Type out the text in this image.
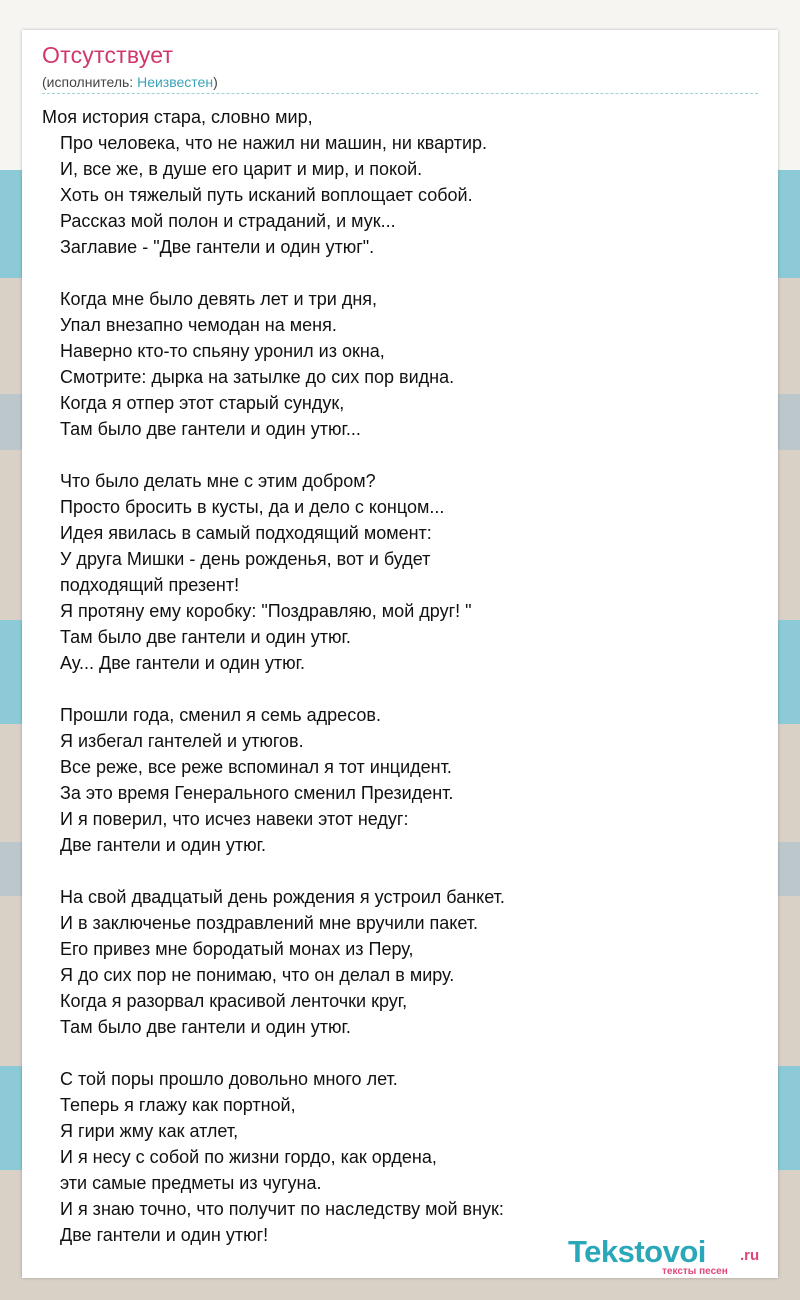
Отсутствует
(исполнитель: Неизвестен)
Моя история стара, словно мир,
Про человека, что не нажил ни машин, ни квартир.
И, все же, в душе его царит и мир, и покой.
Хоть он тяжелый путь исканий воплощает собой.
Рассказ мой полон и страданий, и мук...
Заглавие - "Две гантели и один утюг".
Когда мне было девять лет и три дня,
Упал внезапно чемодан на меня.
Наверно кто-то спьяну уронил из окна,
Смотрите: дырка на затылке до сих пор видна.
Когда я отпер этот старый сундук,
Там было две гантели и один утюг...
Что было делать мне с этим добром?
Просто бросить в кусты, да и дело с концом...
Идея явилась в самый подходящий момент:
У друга Мишки - день рожденья, вот и будет
подходящий презент!
Я протяну ему коробку: "Поздравляю, мой друг! "
Там было две гантели и один утюг.
Ау... Две гантели и один утюг.
Прошли года, сменил я семь адресов.
Я избегал гантелей и утюгов.
Все реже, все реже вспоминал я тот инцидент.
За это время Генерального сменил Президент.
И я поверил, что исчез навеки этот недуг:
Две гантели и один утюг.
На свой двадцатый день рождения я устроил банкет.
И в заключенье поздравлений мне вручили пакет.
Его привез мне бородатый монах из Перу,
Я до сих пор не понимаю, что он делал в миру.
Когда я разорвал красивой ленточки круг,
Там было две гантели и один утюг.
С той поры прошло довольно много лет.
Теперь я глажу как портной,
Я гири жму как атлет,
И я несу с собой по жизни гордо, как ордена,
эти самые предметы из чугуна.
И я знаю точно, что получит по наследству мой внук:
Две гантели и один утюг!	Tekstovoi .ru
тексты песен
